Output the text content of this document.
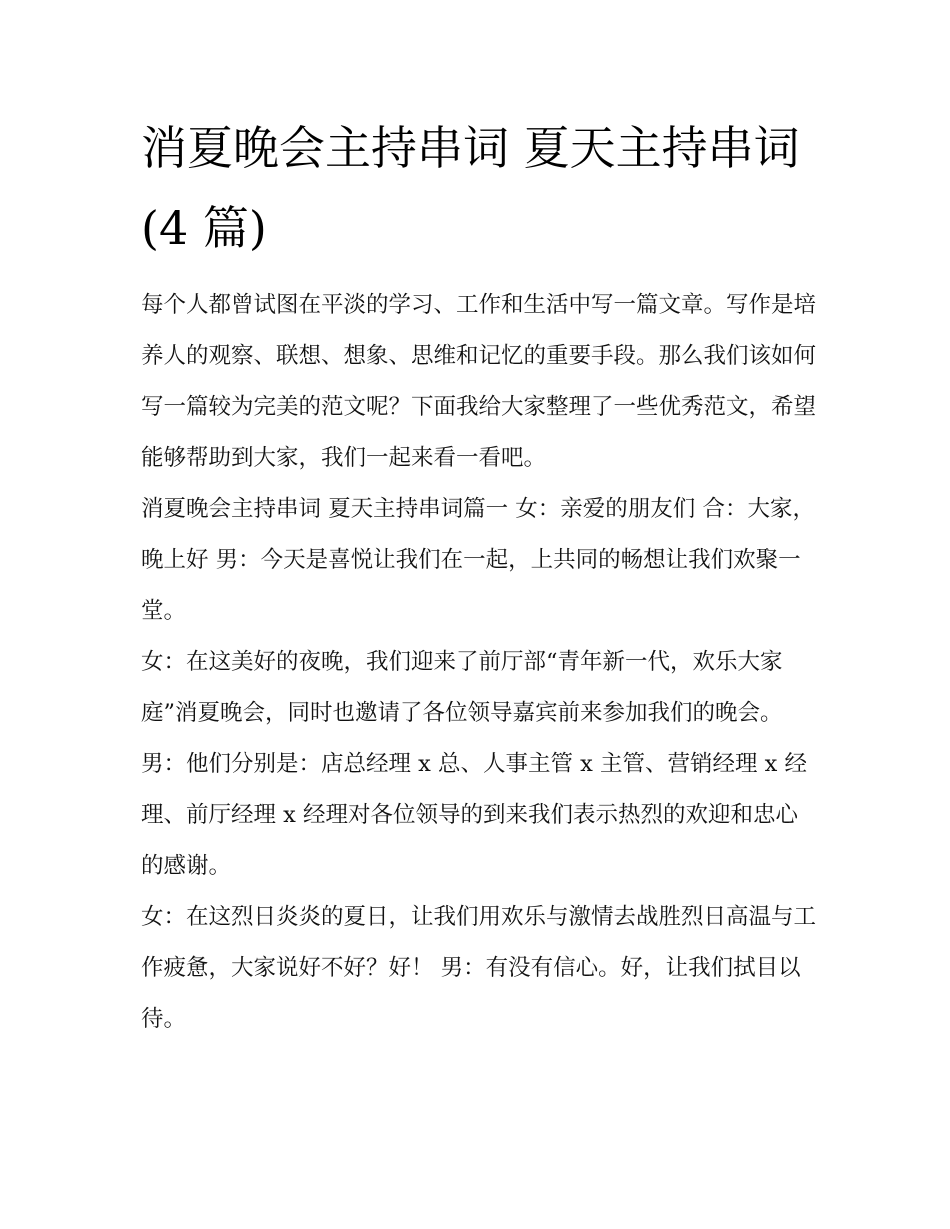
消夏晚会主持串词 夏天主持串词(4 篇)

每个人都曾试图在平淡的学习、工作和生活中写一篇文章。写作是培养人的观察、联想、想象、思维和记忆的重要手段。那么我们该如何写一篇较为完美的范文呢？下面我给大家整理了一些优秀范文，希望能够帮助到大家，我们一起来看一看吧。

消夏晚会主持串词 夏天主持串词篇一 女：亲爱的朋友们 合：大家，晚上好 男：今天是喜悦让我们在一起，上共同的畅想让我们欢聚一堂。

女：在这美好的夜晚，我们迎来了前厅部“青年新一代，欢乐大家庭”消夏晚会，同时也邀请了各位领导嘉宾前来参加我们的晚会。

男：他们分别是：店总经理 x 总、人事主管 x 主管、营销经理 x 经理、前厅经理 x 经理对各位领导的到来我们表示热烈的欢迎和忠心的感谢。

女：在这烈日炎炎的夏日，让我们用欢乐与激情去战胜烈日高温与工作疲惫，大家说好不好？好！ 男：有没有信心。好，让我们拭目以待。
